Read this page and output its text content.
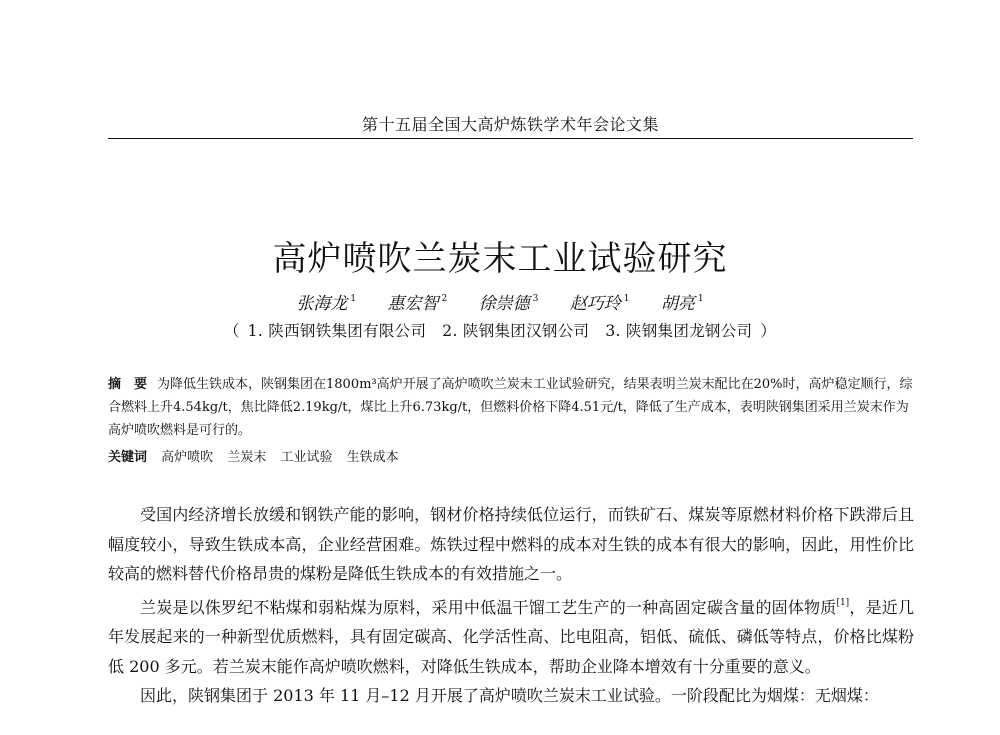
第十五届全国大高炉炼铁学术年会论文集
高炉喷吹兰炭末工业试验研究
张海龙 $^1$ 惠宏智 $^2$ 徐崇德 $^3$ 赵巧玲 $^1$ 胡亮 $^1$
（ 1. 陕西钢铁集团有限公司 2. 陕钢集团汉钢公司 3. 陕钢集团龙钢公司 ）
摘　要 为降低生铁成本，陕钢集团在1800m³高炉开展了高炉喷吹兰炭末工业试验研究，结果表明兰炭末配比在20%时，高炉稳定顺行，综合燃料上升4.54kg/t，焦比降低2.19kg/t，煤比上升6.73kg/t，但燃料价格下降4.51元/t，降低了生产成本，表明陕钢集团采用兰炭末作为高炉喷吹燃料是可行的。
关键词 高炉喷吹 兰炭末 工业试验 生铁成本

受国内经济增长放缓和钢铁产能的影响，钢材价格持续低位运行，而铁矿石、煤炭等原燃材料价格下跌滞后且幅度较小，导致生铁成本高，企业经营困难。炼铁过程中燃料的成本对生铁的成本有很大的影响，因此，用性价比较高的燃料替代价格昂贵的煤粉是降低生铁成本的有效措施之一。

兰炭是以侏罗纪不粘煤和弱粘煤为原料，采用中低温干馏工艺生产的一种高固定碳含量的固体物质[1]，是近几年发展起来的一种新型优质燃料，具有固定碳高、化学活性高、比电阻高，铝低、硫低、磷低等特点，价格比煤粉低 200 多元。若兰炭末能作高炉喷吹燃料，对降低生铁成本，帮助企业降本增效有十分重要的意义。

因此，陕钢集团于 2013 年 11 月–12 月开展了高炉喷吹兰炭末工业试验。一阶段配比为烟煤：无烟煤：
